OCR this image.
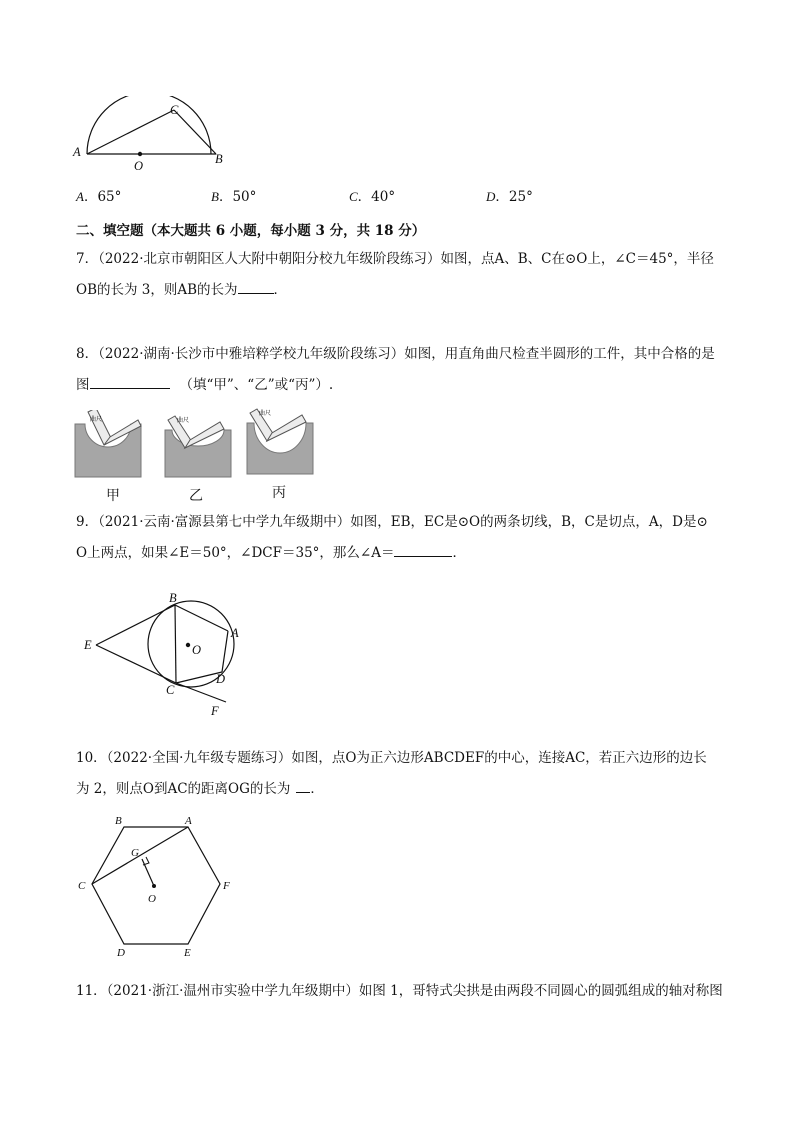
A
C
O	B
A．65°	B．50°	C．40°	D．25°
二、填空题（本大题共 6 小题，每小题 3 分，共 18 分）
7．（2022·北京市朝阳区人大附中朝阳分校九年级阶段练习）如图，点A、B、C在⊙O上，∠C＝45°，半径
OB的长为 3，则AB的长为	．
8．（2022·湖南·长沙市中雅培粹学校九年级阶段练习）如图，用直角曲尺检查半圆形的工件，其中合格的是
图	（填“甲”、“乙”或“丙”）.
曲尺	曲尺
曲尺
甲	乙	丙
9．（2021·云南·富源县第七中学九年级期中）如图，EB，EC是⊙O的两条切线，B，C是切点，A，D是⊙
O上两点，如果∠E＝50°，∠DCF＝35°，那么∠A＝	．
B
A
E	O
D
C
F
10．（2022·全国·九年级专题练习）如图，点O为正六边形ABCDEF的中心，连接AC，若正六边形的边长
为 2，则点O到AC的距离OG的长为 ．
B	A
G
C	F
O
D	E
11．（2021·浙江·温州市实验中学九年级期中）如图 1，哥特式尖拱是由两段不同圆心的圆弧组成的轴对称图
